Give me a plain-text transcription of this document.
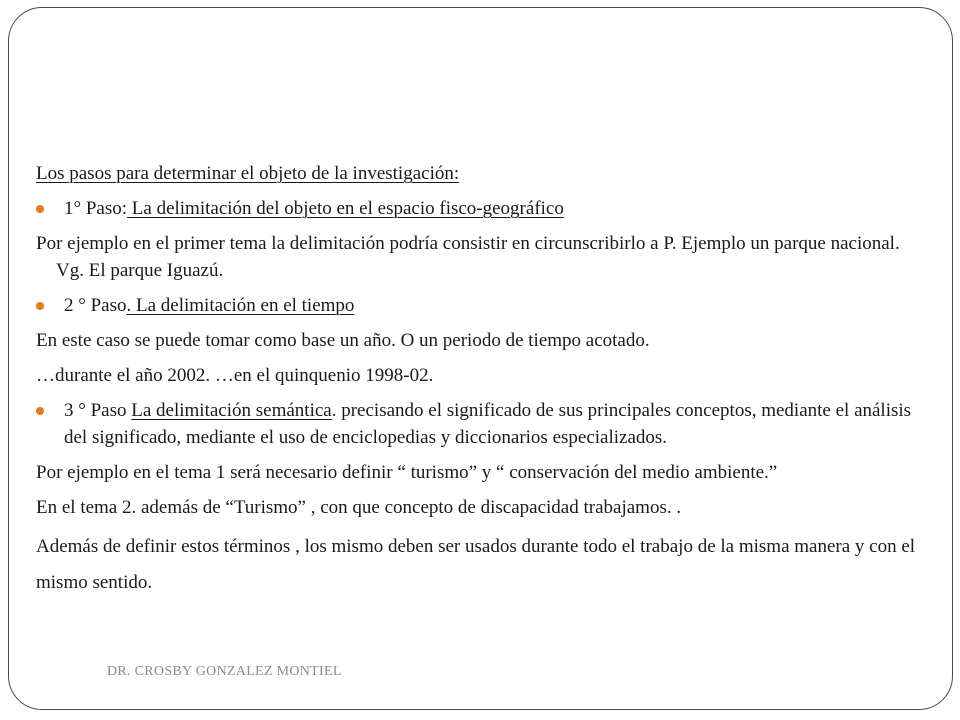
Los pasos para determinar el objeto de la investigación:

1° Paso: La delimitación del objeto en el espacio fisco-geográfico

Por ejemplo en el primer tema la delimitación podría consistir en circunscribirlo a P. Ejemplo un parque nacional. Vg. El parque Iguazú.

2 ° Paso. La delimitación en el tiempo

En este caso se puede tomar como base un año. O un periodo de tiempo acotado.

…durante el año 2002. …en el quinquenio 1998-02.

3 ° Paso La delimitación semántica. precisando el significado de sus principales conceptos, mediante el análisis del significado, mediante el uso de enciclopedias y diccionarios especializados.

Por ejemplo en el tema 1 será necesario definir “ turismo” y “ conservación del medio ambiente.”

En el tema 2. además de “Turismo” , con que concepto de discapacidad trabajamos. .

Además de definir estos términos , los mismo deben ser usados durante todo el trabajo de la misma manera y con el mismo sentido.

DR. CROSBY GONZALEZ MONTIEL
